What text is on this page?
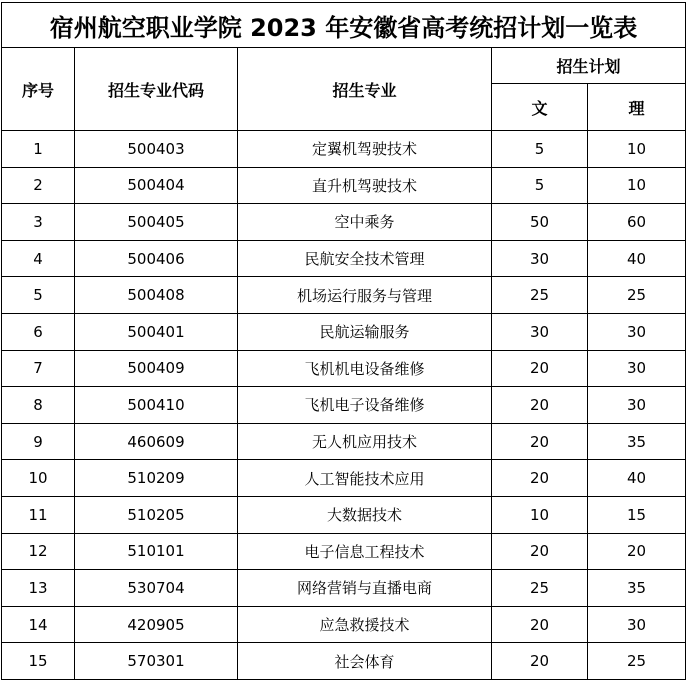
宿州航空职业学院 2023 年安徽省高考统招计划一览表				
序号	招生专业代码	招生专业	招生计划	
			文	理
1	500403	定翼机驾驶技术	5	10
2	500404	直升机驾驶技术	5	10
3	500405	空中乘务	50	60
4	500406	民航安全技术管理	30	40
5	500408	机场运行服务与管理	25	25
6	500401	民航运输服务	30	30
7	500409	飞机机电设备维修	20	30
8	500410	飞机电子设备维修	20	30
9	460609	无人机应用技术	20	35
10	510209	人工智能技术应用	20	40
11	510205	大数据技术	10	15
12	510101	电子信息工程技术	20	20
13	530704	网络营销与直播电商	25	35
14	420905	应急救援技术	20	30
15	570301	社会体育	20	25
